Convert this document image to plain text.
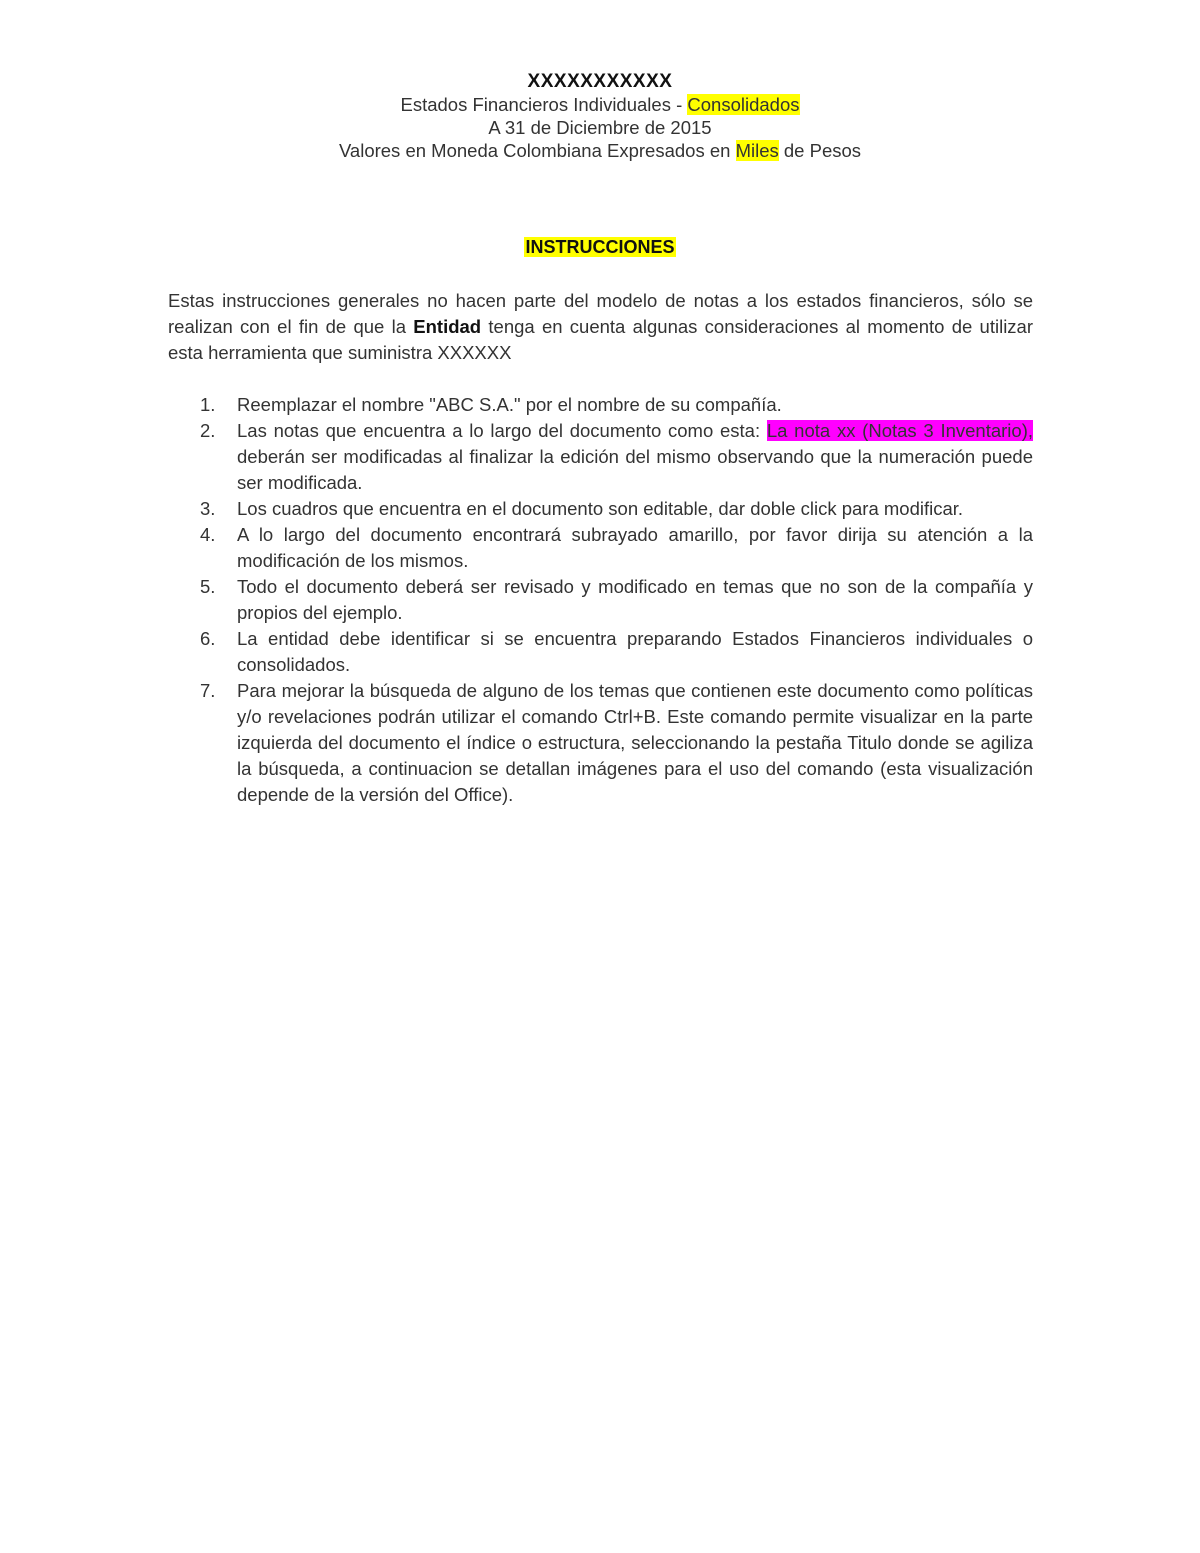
XXXXXXXXXXX
Estados Financieros Individuales - Consolidados
A 31 de Diciembre de 2015
Valores en Moneda Colombiana Expresados en Miles de Pesos
INSTRUCCIONES
Estas instrucciones generales no hacen parte del modelo de notas a los estados financieros, sólo se realizan con el fin de que la Entidad tenga en cuenta algunas consideraciones al momento de utilizar esta herramienta que suministra XXXXXX
1.	Reemplazar el nombre "ABC S.A." por el nombre de su compañía.
2.	Las notas que encuentra a lo largo del documento como esta: La nota xx (Notas 3 Inventario), deberán ser modificadas al finalizar la edición del mismo observando que la numeración puede ser modificada.
3.	Los cuadros que encuentra en el documento son editable, dar doble click para modificar.
4.	A lo largo del documento encontrará subrayado amarillo, por favor dirija su atención a la modificación de los mismos.
5.	Todo el documento deberá ser revisado y modificado en temas que no son de la compañía y propios del ejemplo.
6.	La entidad debe identificar si se encuentra preparando Estados Financieros individuales o consolidados.
7.	Para mejorar la búsqueda de alguno de los temas que contienen este documento como políticas y/o revelaciones podrán utilizar el comando Ctrl+B. Este comando permite visualizar en la parte izquierda del documento el índice o estructura, seleccionando la pestaña Titulo donde se agiliza la búsqueda, a continuacion se detallan imágenes para el uso del comando (esta visualización depende de la versión del Office).
